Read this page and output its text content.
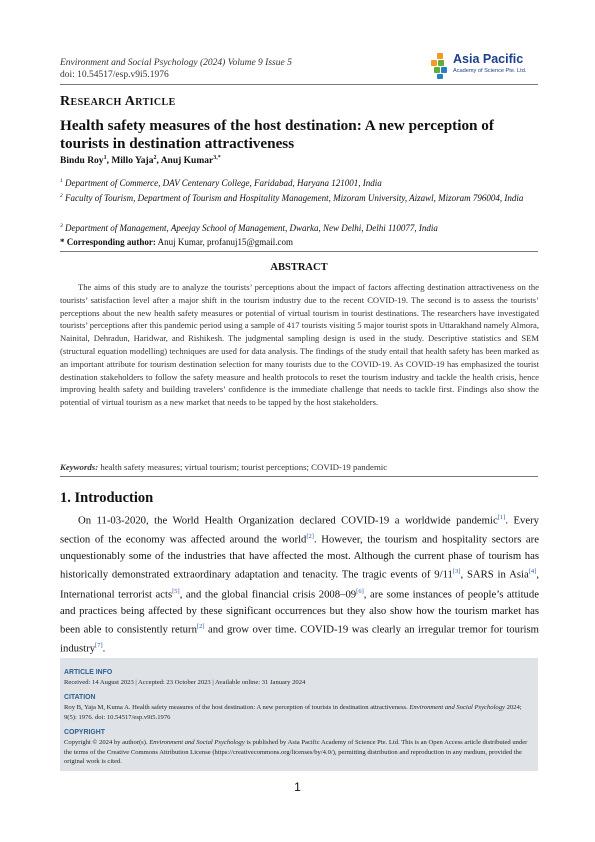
Environment and Social Psychology (2024) Volume 9 Issue 5
doi: 10.54517/esp.v9i5.1976
Asia Pacific
Academy of Science Pte. Ltd.
Research Article
Health safety measures of the host destination: A new perception of tourists in destination attractiveness
Bindu Roy$^1$, Millo Yaja$^2$, Anuj Kumar$^{3,*}$
$^1$ Department of Commerce, DAV Centenary College, Faridabad, Haryana 121001, India
$^2$ Faculty of Tourism, Department of Tourism and Hospitality Management, Mizoram University, Aizawl, Mizoram 796004, India
$^3$ Department of Management, Apeejay School of Management, Dwarka, New Delhi, Delhi 110077, India
* Corresponding author: Anuj Kumar, profanuj15@gmail.com
ABSTRACT
The aims of this study are to analyze the tourists’ perceptions about the impact of factors affecting destination attractiveness on the tourists’ satisfaction level after a major shift in the tourism industry due to the recent COVID-19. The second is to assess the tourists’ perceptions about the new health safety measures or potential of virtual tourism in tourist destinations. The researchers have investigated tourists’ perceptions after this pandemic period using a sample of 417 tourists visiting 5 major tourist spots in Uttarakhand namely Almora, Nainital, Dehradun, Haridwar, and Rishikesh. The judgmental sampling design is used in the study. Descriptive statistics and SEM (structural equation modelling) techniques are used for data analysis. The findings of the study entail that health safety has been marked as an important attribute for tourism destination selection for many tourists due to the COVID-19. As COVID-19 has emphasized the tourist destination stakeholders to follow the safety measure and health protocols to reset the tourism industry and tackle the health crisis, hence improving health safety and building travelers’ confidence is the immediate challenge that needs to tackle first. Findings also show the potential of virtual tourism as a new market that needs to be tapped by the host stakeholders.
Keywords: health safety measures; virtual tourism; tourist perceptions; COVID-19 pandemic
1. Introduction
On 11-03-2020, the World Health Organization declared COVID-19 a worldwide pandemic[1]. Every section of the economy was affected around the world[2]. However, the tourism and hospitality sectors are unquestionably some of the industries that have affected the most. Although the current phase of tourism has historically demonstrated extraordinary adaptation and tenacity. The tragic events of 9/11[3], SARS in Asia[4], International terrorist acts[5], and the global financial crisis 2008–09[6], are some instances of people’s attitude and practices being affected by these significant occurrences but they also show how the tourism market has been able to consistently return[2] and grow over time. COVID-19 was clearly an irregular tremor for tourism industry[7].
ARTICLE INFO
Received: 14 August 2023 | Accepted: 23 October 2023 | Available online: 31 January 2024
CITATION
Roy B, Yaja M, Kuma A. Health safety measures of the host destination: A new perception of tourists in destination attractiveness. Environment and Social Psychology 2024; 9(5): 1976. doi: 10.54517/esp.v9i5.1976
COPYRIGHT
Copyright © 2024 by author(s). Environment and Social Psychology is published by Asia Pacific Academy of Science Pte. Ltd. This is an Open Access article distributed under the terms of the Creative Commons Attribution License (https://creativecommons.org/licenses/by/4.0/), permitting distribution and reproduction in any medium, provided the original work is cited.
1
